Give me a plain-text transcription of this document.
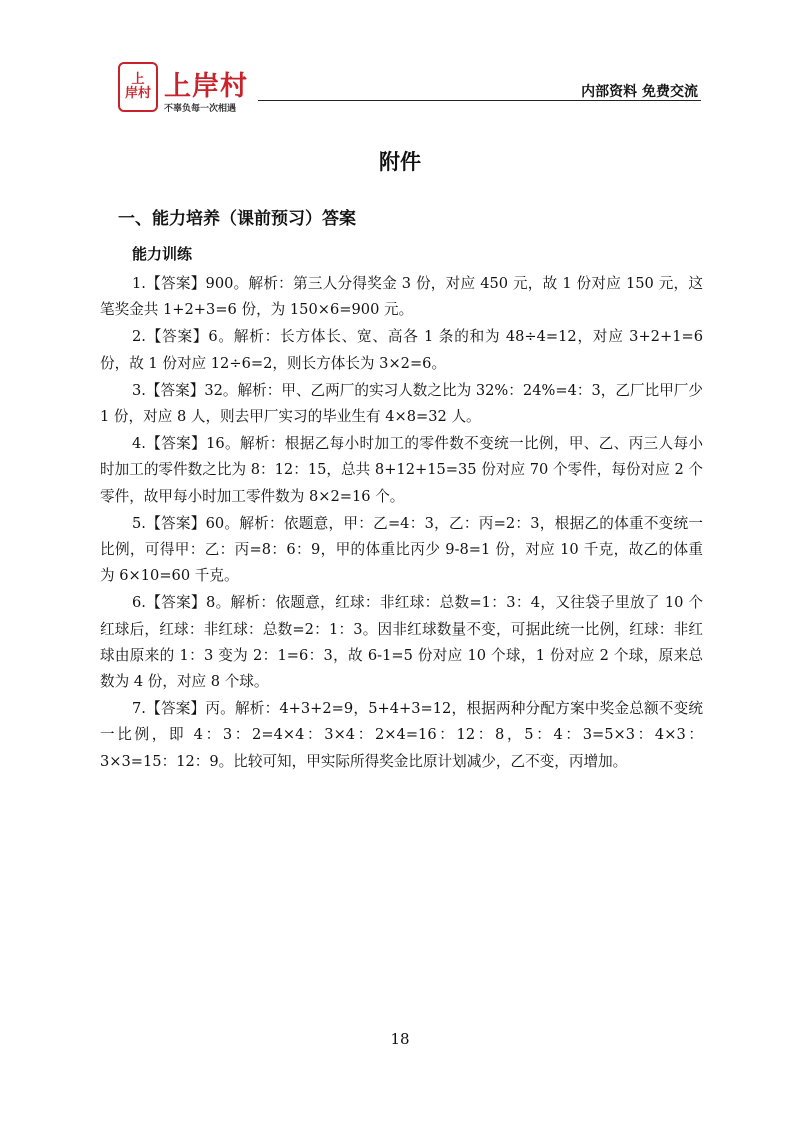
上
岸村 上岸村
不辜负每一次相遇
内部资料 免费交流
附件
一、能力培养（课前预习）答案
能力训练

1.【答案】900。解析：第三人分得奖金 3 份，对应 450 元，故 1 份对应 150 元，这笔奖金共 1+2+3=6 份，为 150×6=900 元。

2.【答案】6。解析：长方体长、宽、高各 1 条的和为 48÷4=12，对应 3+2+1=6 份，故 1 份对应 12÷6=2，则长方体长为 3×2=6。

3.【答案】32。解析：甲、乙两厂的实习人数之比为 32%：24%=4：3，乙厂比甲厂少 1 份，对应 8 人，则去甲厂实习的毕业生有 4×8=32 人。

4.【答案】16。解析：根据乙每小时加工的零件数不变统一比例，甲、乙、丙三人每小时加工的零件数之比为 8：12：15，总共 8+12+15=35 份对应 70 个零件，每份对应 2 个零件，故甲每小时加工零件数为 8×2=16 个。

5.【答案】60。解析：依题意，甲：乙=4：3，乙：丙=2：3，根据乙的体重不变统一比例，可得甲：乙：丙=8：6：9，甲的体重比丙少 9-8=1 份，对应 10 千克，故乙的体重为 6×10=60 千克。

6.【答案】8。解析：依题意，红球：非红球：总数=1：3：4，又往袋子里放了 10 个红球后，红球：非红球：总数=2：1：3。因非红球数量不变，可据此统一比例，红球：非红球由原来的 1：3 变为 2：1=6：3，故 6-1=5 份对应 10 个球，1 份对应 2 个球，原来总数为 4 份，对应 8 个球。

7.【答案】丙。解析：4+3+2=9，5+4+3=12，根据两种分配方案中奖金总额不变统一比例，即 4：3：2=4×4：3×4：2×4=16：12：8，5：4：3=5×3：4×3：3×3=15：12：9。比较可知，甲实际所得奖金比原计划减少，乙不变，丙增加。

18
